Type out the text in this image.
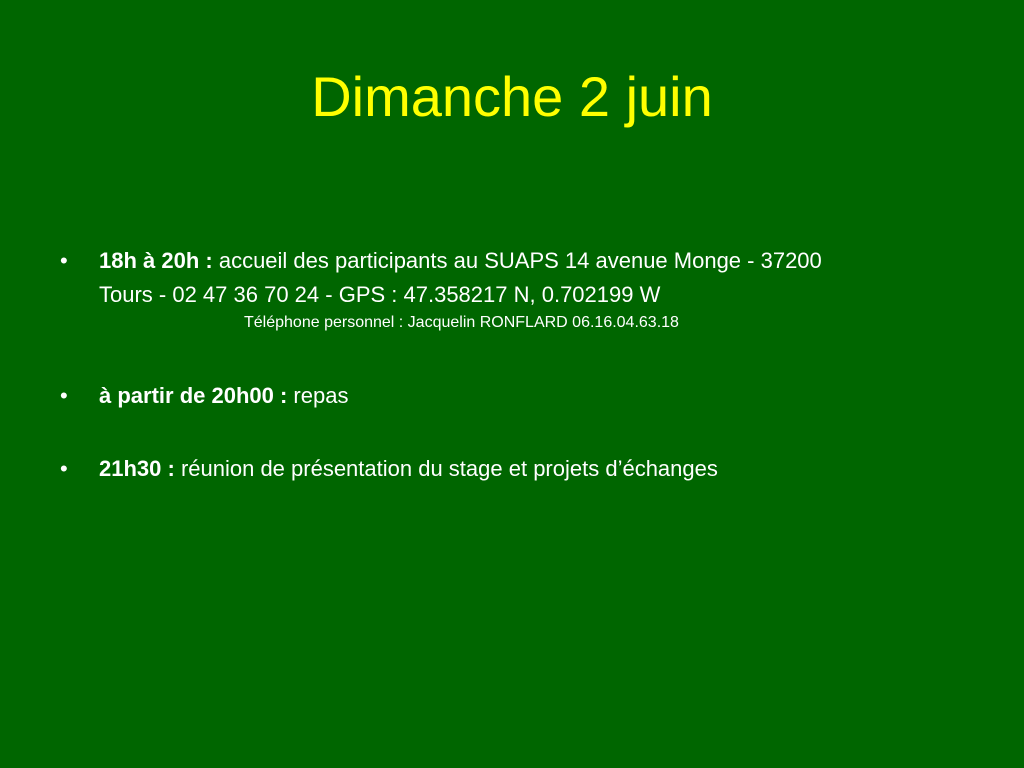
Dimanche 2 juin
• 18h à 20h : accueil des participants au SUAPS 14 avenue Monge - 37200
Tours - 02 47 36 70 24 - GPS : 47.358217 N, 0.702199 W
• à partir de 20h00 : repas
• 21h30 : réunion de présentation du stage et projets d’échanges
Téléphone personnel : Jacquelin RONFLARD 06.16.04.63.18
